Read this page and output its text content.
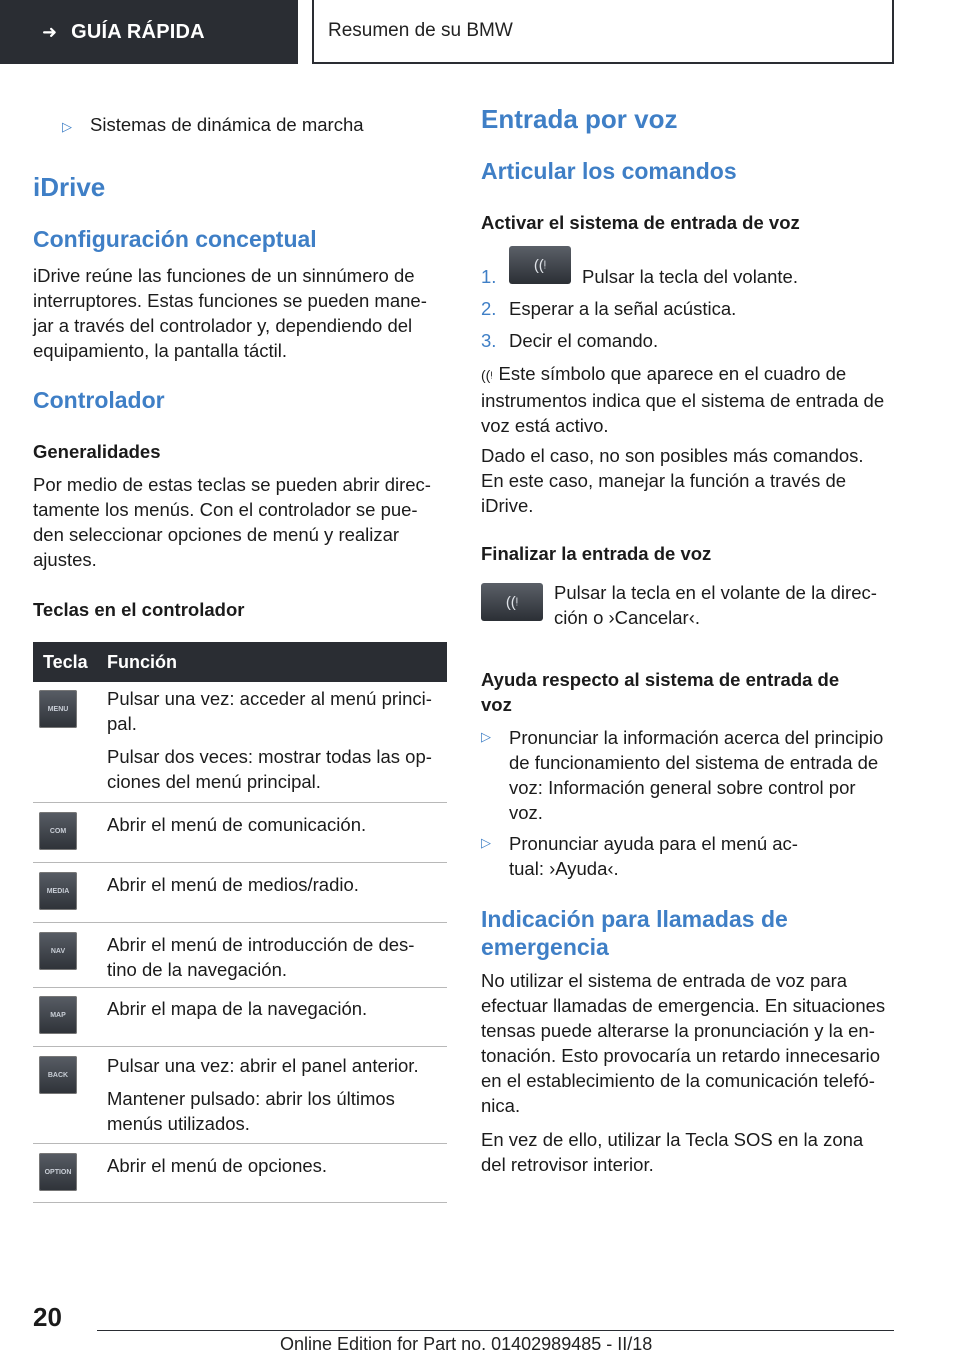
➜ GUÍA RÁPIDA	Resumen de su BMW
▷ Sistemas de dinámica de marcha
iDrive
Configuración conceptual

iDrive reúne las funciones de un sinnúmero de

interruptores. Estas funciones se pueden mane‐

jar a través del controlador y, dependiendo del

equipamiento, la pantalla táctil.

Controlador
Generalidades

Por medio de estas teclas se pueden abrir direc‐

tamente los menús. Con el controlador se pue‐

den seleccionar opciones de menú y realizar

ajustes.

Teclas en el controlador
Tecla Función
MENU	Pulsar una vez: acceder al menú princi‐

pal.

Pulsar dos veces: mostrar todas las op‐

ciones del menú principal.

COM	Abrir el menú de comunicación.

MEDIA	Abrir el menú de medios/radio.

NAV	Abrir el menú de introducción de des‐

tino de la navegación.

MAP	Abrir el mapa de la navegación.

BACK	Pulsar una vez: abrir el panel anterior.

Mantener pulsado: abrir los últimos

menús utilizados.

OPTION	Abrir el menú de opciones.

Entrada por voz
Articular los comandos
Activar el sistema de entrada de voz
1.
((ᵎ
Pulsar la tecla del volante.
2. Esperar a la señal acústica.
3. Decir el comando.

((ᵎ Este símbolo que aparece en el cuadro de

instrumentos indica que el sistema de entrada de

voz está activo.

Dado el caso, no son posibles más comandos.

En este caso, manejar la función a través de

iDrive.

Finalizar la entrada de voz
((ᵎ	Pulsar la tecla en el volante de la direc‐

ción o ›Cancelar‹.

Ayuda respecto al sistema de entrada de
voz
▷ Pronunciar la información acerca del principio

de funcionamiento del sistema de entrada de

voz: Información general sobre control por

voz.

▷ Pronunciar ayuda para el menú ac‐

tual: ›Ayuda‹.

Indicación para llamadas de
emergencia

No utilizar el sistema de entrada de voz para

efectuar llamadas de emergencia. En situaciones

tensas puede alterarse la pronunciación y la en‐

tonación. Esto provocaría un retardo innecesario

en el establecimiento de la comunicación telefó‐

nica.

En vez de ello, utilizar la Tecla SOS en la zona

del retrovisor interior.

20
Online Edition for Part no. 01402989485 - II/18
